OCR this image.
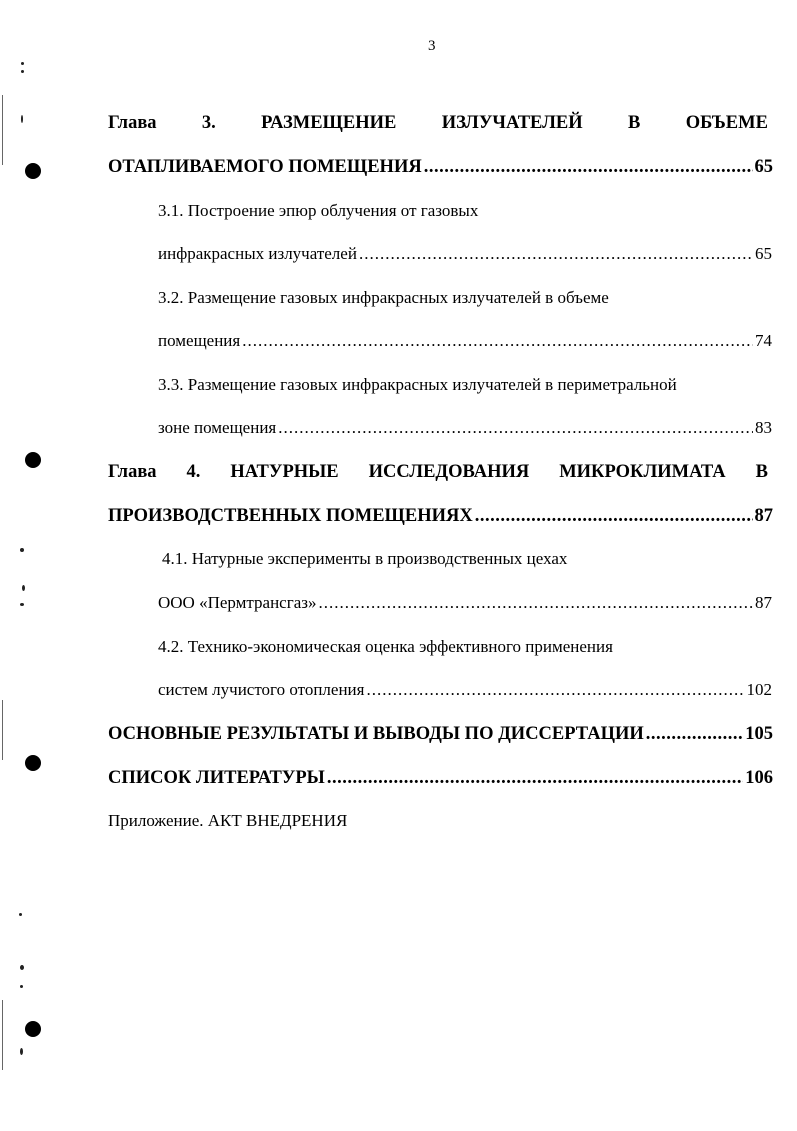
3
Глава 3. РАЗМЕЩЕНИЕ ИЗЛУЧАТЕЛЕЙ В ОБЪЕМЕ
ОТАПЛИВАЕМОГО ПОМЕЩЕНИЯ .....	65
3.1. Построение эпюр облучения от газовых
инфракрасных излучателей .....	65
3.2. Размещение газовых инфракрасных излучателей в объеме
помещения .....	74
3.3. Размещение газовых инфракрасных излучателей в периметральной
зоне помещения .....	83
Глава 4. НАТУРНЫЕ ИССЛЕДОВАНИЯ МИКРОКЛИМАТА В
ПРОИЗВОДСТВЕННЫХ ПОМЕЩЕНИЯХ .....	87
4.1. Натурные эксперименты в производственных цехах
ООО «Пермтрансгаз» .....	87
4.2. Технико-экономическая оценка эффективного применения
систем лучистого отопления .....	102
ОСНОВНЫЕ РЕЗУЛЬТАТЫ И ВЫВОДЫ ПО ДИССЕРТАЦИИ .....	105
СПИСОК ЛИТЕРАТУРЫ .....	106
Приложение. АКТ ВНЕДРЕНИЯ
